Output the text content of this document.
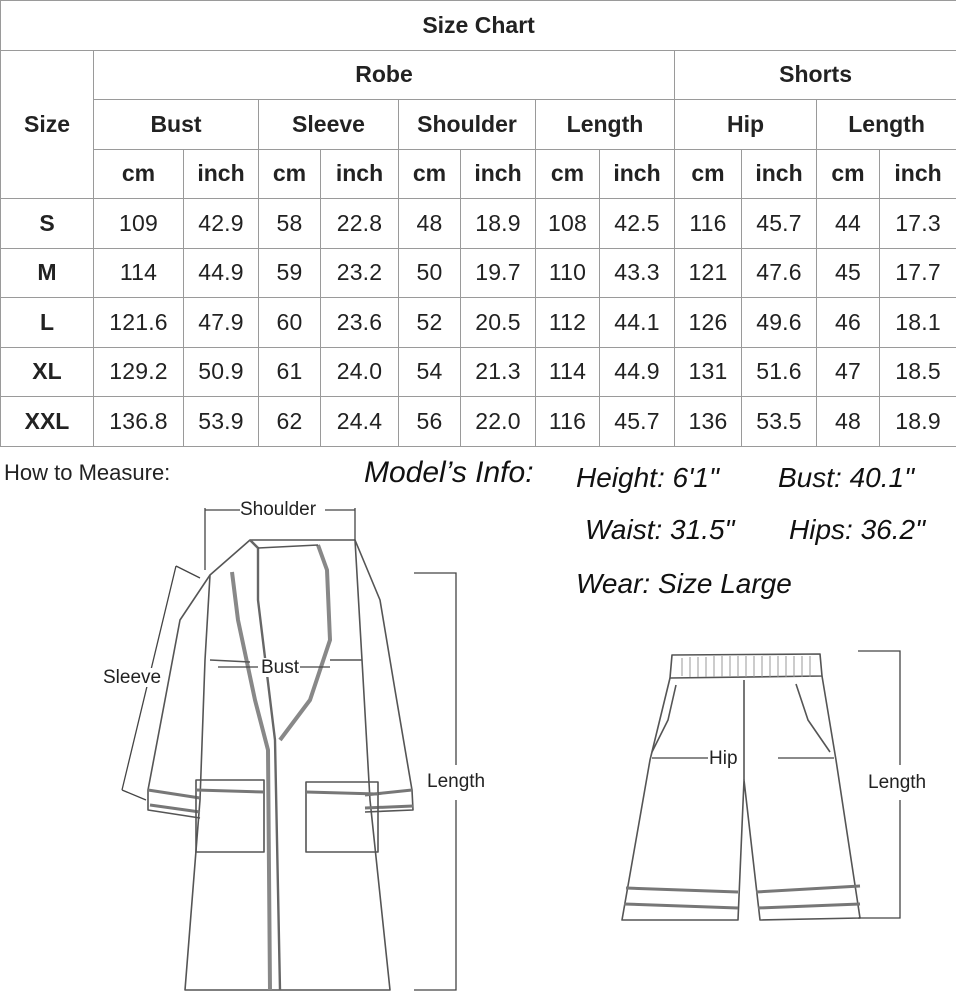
Size Chart												
Size	Robe								Shorts			
	Bust		Sleeve		Shoulder		Length		Hip		Length	
	cm	inch	cm	inch	cm	inch	cm	inch	cm	inch	cm	inch
S	109	42.9	58	22.8	48	18.9	108	42.5	116	45.7	44	17.3
M	114	44.9	59	23.2	50	19.7	110	43.3	121	47.6	45	17.7
L	121.6	47.9	60	23.6	52	20.5	112	44.1	126	49.6	46	18.1
XL	129.2	50.9	61	24.0	54	21.3	114	44.9	131	51.6	47	18.5
XXL	136.8	53.9	62	24.4	56	22.0	116	45.7	136	53.5	48	18.9
How to Measure:	Model’s Info: Height: 6'1" Bust: 40.1"
Waist: 31.5" Hips: 36.2"
Wear: Size Large
Shoulder
Sleeve	Bust
Length
Hip
Length
